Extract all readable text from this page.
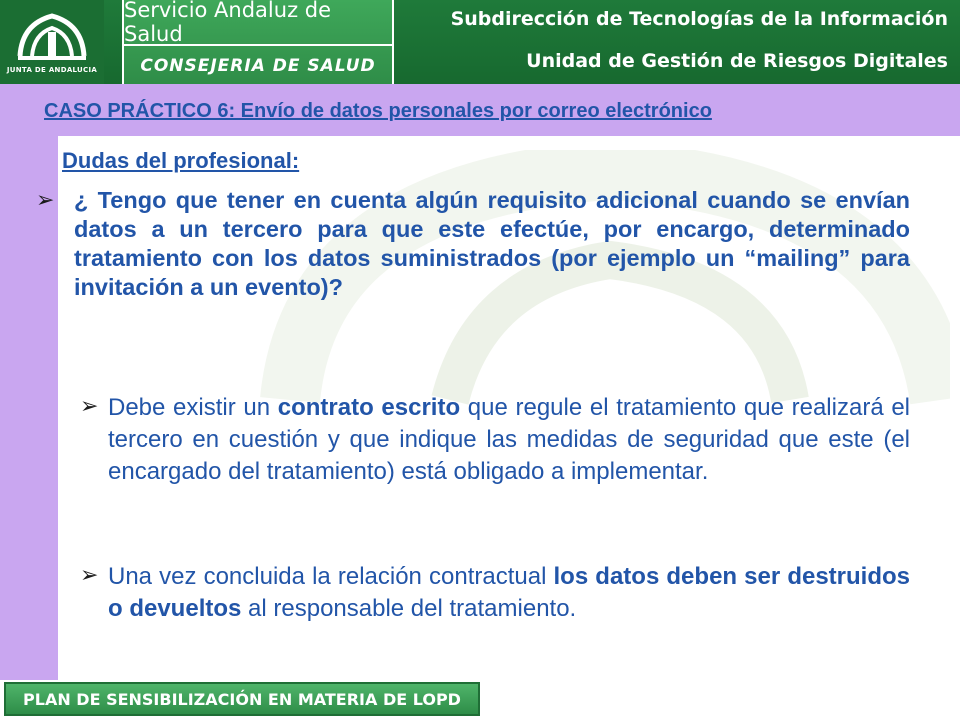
JUNTA DE ANDALUCIA
Servicio Andaluz de Salud
CONSEJERIA DE SALUD
Subdirección de Tecnologías de la Información
Unidad de Gestión de Riesgos Digitales
CASO PRÁCTICO 6: Envío de datos personales por correo electrónico
Dudas del profesional:
➢ ¿ Tengo que tener en cuenta algún requisito adicional cuando se envían datos a un tercero para que este efectúe, por encargo, determinado tratamiento con los datos suministrados (por ejemplo un “mailing” para invitación a un evento)?
➢ Debe existir un contrato escrito que regule el tratamiento que realizará el tercero en cuestión y que indique las medidas de seguridad que este (el encargado del tratamiento) está obligado a implementar.
➢ Una vez concluida la relación contractual los datos deben ser destruidos o devueltos al responsable del tratamiento.
PLAN DE SENSIBILIZACIÓN EN MATERIA DE LOPD
